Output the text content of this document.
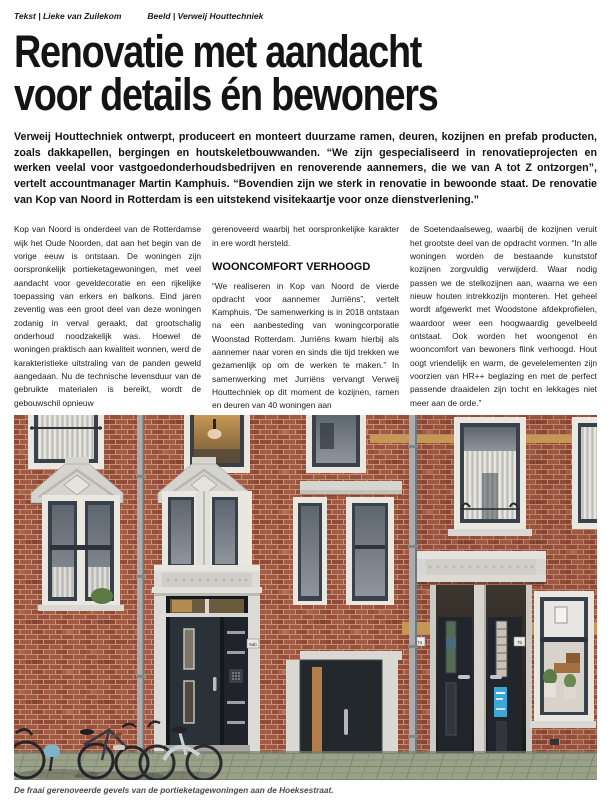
Tekst | Lieke van Zuilekom	Beeld | Verweij Houttechniek
Renovatie met aandacht
voor details én bewoners

Verweij Houttechniek ontwerpt, produceert en monteert duurzame ramen, deuren, kozijnen en prefab producten, zoals dakkapellen, bergingen en houtskeletbouwwanden. “We zijn gespecialiseerd in renovatieprojecten en werken veelal voor vastgoedonderhoudsbedrijven en renoverende aannemers, die we van A tot Z ontzorgen”, vertelt accountmanager Martin Kamphuis. “Bovendien zijn we sterk in renovatie in bewoonde staat. De renovatie van Kop van Noord in Rotterdam is een uitstekend visitekaartje voor onze dienstverlening.”

Kop van Noord is onderdeel van de Rotterdamse wijk het Oude Noorden, dat aan het begin van de vorige eeuw is ontstaan. De woningen zijn oorspronkelijk portieketagewoningen, met veel aandacht voor geveldecoratie en een rijkelijke toepassing van erkers en balkons. Eind jaren zeventig was een groot deel van deze woningen zodanig in verval geraakt, dat grootschalig onderhoud noodzakelijk was. Hoewel de woningen praktisch aan kwaliteit wonnen, werd de karakteristieke uitstraling van de panden geweld aangedaan. Nu de technische levensduur van de gebruikte materialen is bereikt, wordt de gebouwschil opnieuw

gerenoveerd waarbij het oorspronkelijke karakter in ere wordt hersteld.

WOONCOMFORT VERHOOGD

“We realiseren in Kop van Noord de vierde opdracht voor aannemer Jurriëns”, vertelt Kamphuis. “De samenwerking is in 2018 ontstaan na een aanbesteding van woningcorporatie Woonstad Rotterdam. Jurriëns kwam hierbij als aannemer naar voren en sinds die tijd trekken we gezamenlijk op om de werken te maken.” In samenwerking met Jurriëns vervangt Verweij Houttechniek op dit moment de kozijnen, ramen en deuren van 40 woningen aan

de Soetendaalseweg, waarbij de kozijnen veruit het grootste deel van de opdracht vormen. “In alle woningen worden de bestaande kunststof kozijnen zorgvuldig verwijderd. Waar nodig passen we de stelkozijnen aan, waarna we een nieuw houten intrekkozijn monteren. Het geheel wordt afgewerkt met Woodstone afdekprofielen, waardoor weer een hoogwaardig gevelbeeld ontstaat. Ook worden het woongenot én wooncomfort van bewoners flink verhoogd. Hout oogt vriendelijk en warm, de gevelelementen zijn voorzien van HR++ beglazing en met de perfect passende draaidelen zijn tocht en lekkages niet meer aan de orde.”

9ab	7a	7b
De fraai gerenoveerde gevels van de portieketagewoningen aan de Hoeksestraat.
